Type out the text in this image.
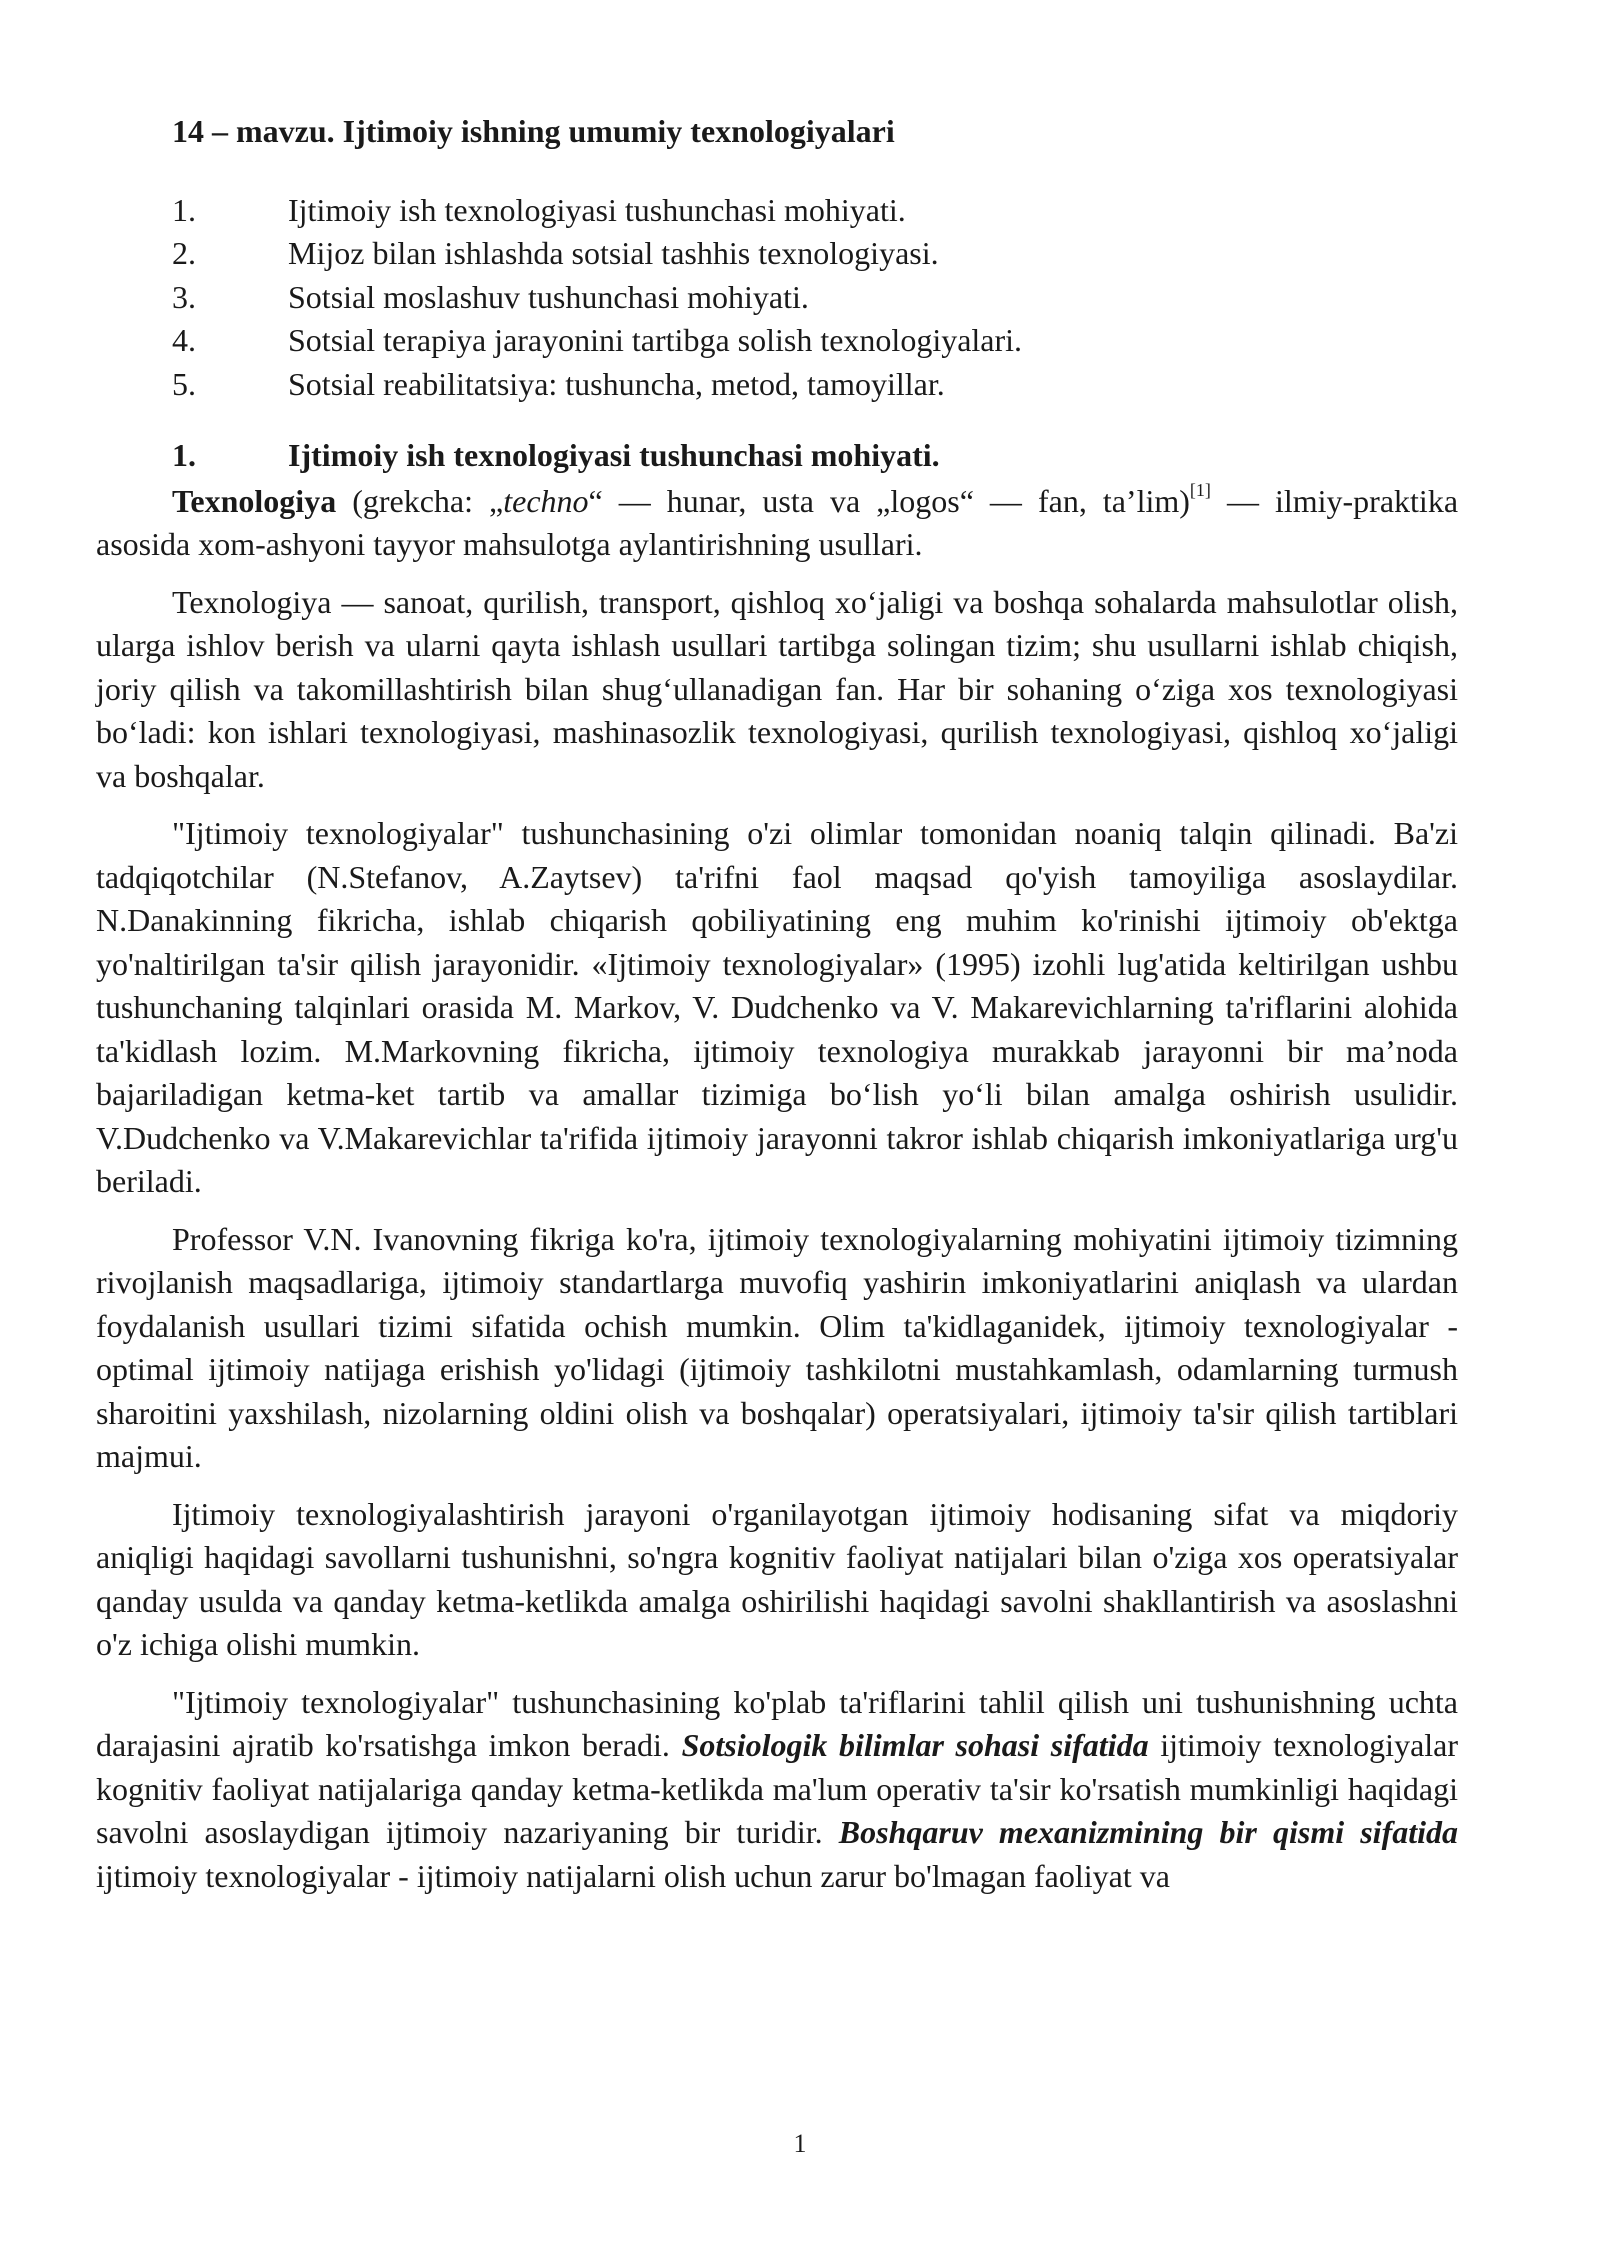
14 – mavzu. Ijtimoiy ishning umumiy texnologiyalari
1.	Ijtimoiy ish texnologiyasi tushunchasi mohiyati.
2.	Mijoz bilan ishlashda sotsial tashhis texnologiyasi.
3.	Sotsial moslashuv tushunchasi mohiyati.
4.	Sotsial terapiya jarayonini tartibga solish texnologiyalari.
5.	Sotsial reabilitatsiya: tushuncha, metod, tamoyillar.
1.	Ijtimoiy ish texnologiyasi tushunchasi mohiyati.

Texnologiya (grekcha: „techno“ — hunar, usta va „logos“ — fan, ta’lim)[1] — ilmiy-praktika asosida xom-ashyoni tayyor mahsulotga aylantirishning usullari.

Texnologiya — sanoat, qurilish, transport, qishloq xo‘jaligi va boshqa sohalarda mahsulotlar olish, ularga ishlov berish va ularni qayta ishlash usullari tartibga solingan tizim; shu usullarni ishlab chiqish, joriy qilish va takomillashtirish bilan shug‘ullanadigan fan. Har bir sohaning o‘ziga xos texnologiyasi bo‘ladi: kon ishlari texnologiyasi, mashinasozlik texnologiyasi, qurilish texnologiyasi, qishloq xo‘jaligi va boshqalar.

"Ijtimoiy texnologiyalar" tushunchasining o'zi olimlar tomonidan noaniq talqin qilinadi. Ba'zi tadqiqotchilar (N.Stefanov, A.Zaytsev) ta'rifni faol maqsad qo'yish tamoyiliga asoslaydilar. N.Danakinning fikricha, ishlab chiqarish qobiliyatining eng muhim ko'rinishi ijtimoiy ob'ektga yo'naltirilgan ta'sir qilish jarayonidir. «Ijtimoiy texnologiyalar» (1995) izohli lug'atida keltirilgan ushbu tushunchaning talqinlari orasida M. Markov, V. Dudchenko va V. Makarevichlarning ta'riflarini alohida ta'kidlash lozim. M.Markovning fikricha, ijtimoiy texnologiya murakkab jarayonni bir ma’noda bajariladigan ketma-ket tartib va amallar tizimiga bo‘lish yo‘li bilan amalga oshirish usulidir. V.Dudchenko va V.Makarevichlar ta'rifida ijtimoiy jarayonni takror ishlab chiqarish imkoniyatlariga urg'u beriladi.

Professor V.N. Ivanovning fikriga ko'ra, ijtimoiy texnologiyalarning mohiyatini ijtimoiy tizimning rivojlanish maqsadlariga, ijtimoiy standartlarga muvofiq yashirin imkoniyatlarini aniqlash va ulardan foydalanish usullari tizimi sifatida ochish mumkin. Olim ta'kidlaganidek, ijtimoiy texnologiyalar - optimal ijtimoiy natijaga erishish yo'lidagi (ijtimoiy tashkilotni mustahkamlash, odamlarning turmush sharoitini yaxshilash, nizolarning oldini olish va boshqalar) operatsiyalari, ijtimoiy ta'sir qilish tartiblari majmui.

Ijtimoiy texnologiyalashtirish jarayoni o'rganilayotgan ijtimoiy hodisaning sifat va miqdoriy aniqligi haqidagi savollarni tushunishni, so'ngra kognitiv faoliyat natijalari bilan o'ziga xos operatsiyalar qanday usulda va qanday ketma-ketlikda amalga oshirilishi haqidagi savolni shakllantirish va asoslashni o'z ichiga olishi mumkin.

"Ijtimoiy texnologiyalar" tushunchasining ko'plab ta'riflarini tahlil qilish uni tushunishning uchta darajasini ajratib ko'rsatishga imkon beradi. Sotsiologik bilimlar sohasi sifatida ijtimoiy texnologiyalar kognitiv faoliyat natijalariga qanday ketma-ketlikda ma'lum operativ ta'sir ko'rsatish mumkinligi haqidagi savolni asoslaydigan ijtimoiy nazariyaning bir turidir. Boshqaruv mexanizmining bir qismi sifatida ijtimoiy texnologiyalar - ijtimoiy natijalarni olish uchun zarur bo'lmagan faoliyat va

1
